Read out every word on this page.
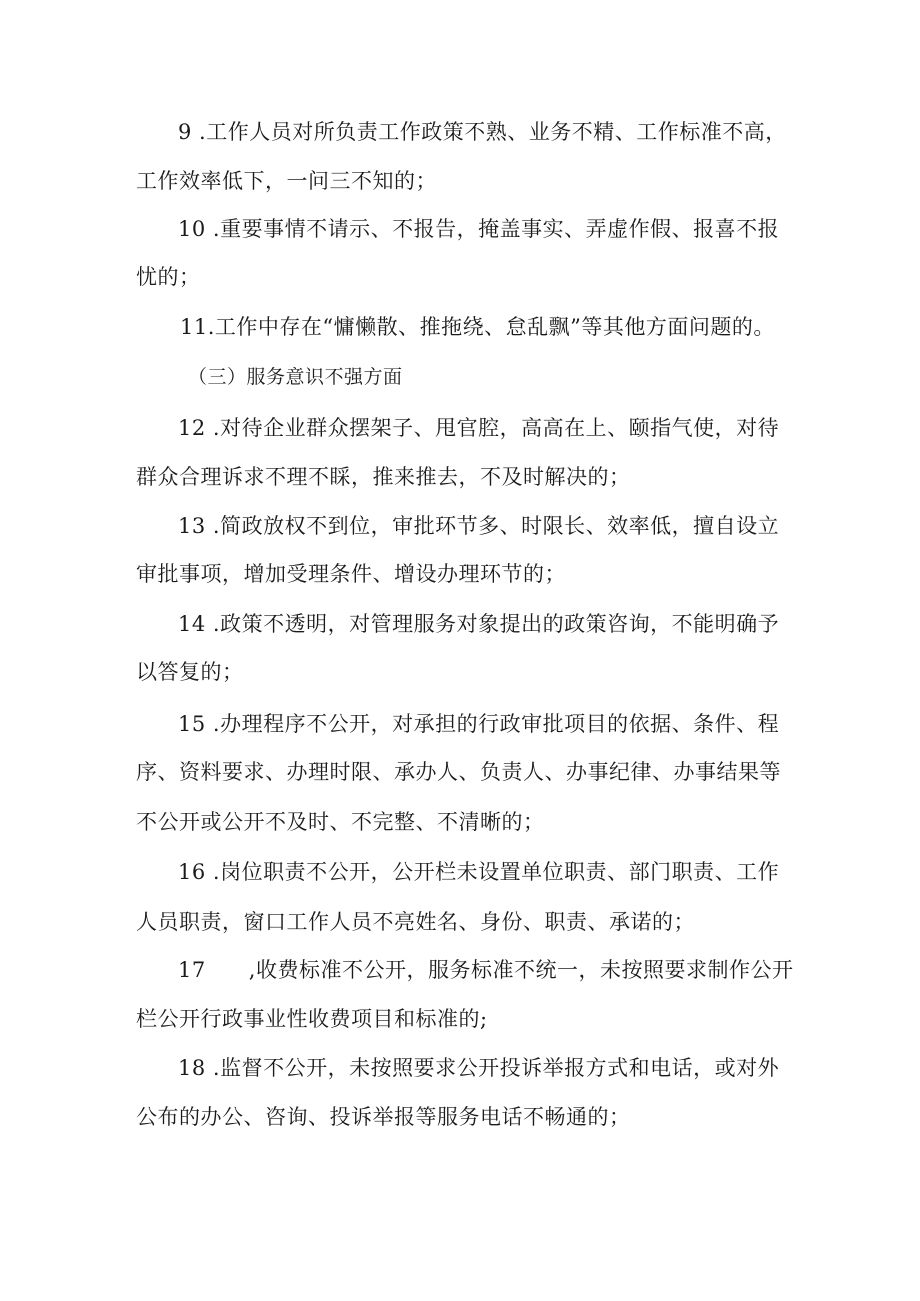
9 .工作人员对所负责工作政策不熟、业务不精、工作标准不高，
工作效率低下，一问三不知的；
10 .重要事情不请示、不报告，掩盖事实、弄虚作假、报喜不报
忧的；
11.工作中存在“慵懒散、推拖绕、怠乱飘”等其他方面问题的。
（三）服务意识不强方面
12 .对待企业群众摆架子、甩官腔，高高在上、颐指气使，对待
群众合理诉求不理不睬，推来推去，不及时解决的；
13 .简政放权不到位，审批环节多、时限长、效率低，擅自设立
审批事项，增加受理条件、增设办理环节的；
14 .政策不透明，对管理服务对象提出的政策咨询，不能明确予
以答复的；
15 .办理程序不公开，对承担的行政审批项目的依据、条件、程
序、资料要求、办理时限、承办人、负责人、办事纪律、办事结果等
不公开或公开不及时、不完整、不清晰的；
16 .岗位职责不公开，公开栏未设置单位职责、部门职责、工作
人员职责，窗口工作人员不亮姓名、身份、职责、承诺的；
17      ,收费标准不公开，服务标准不统一，未按照要求制作公开
栏公开行政事业性收费项目和标准的;
18 .监督不公开，未按照要求公开投诉举报方式和电话，或对外
公布的办公、咨询、投诉举报等服务电话不畅通的；
